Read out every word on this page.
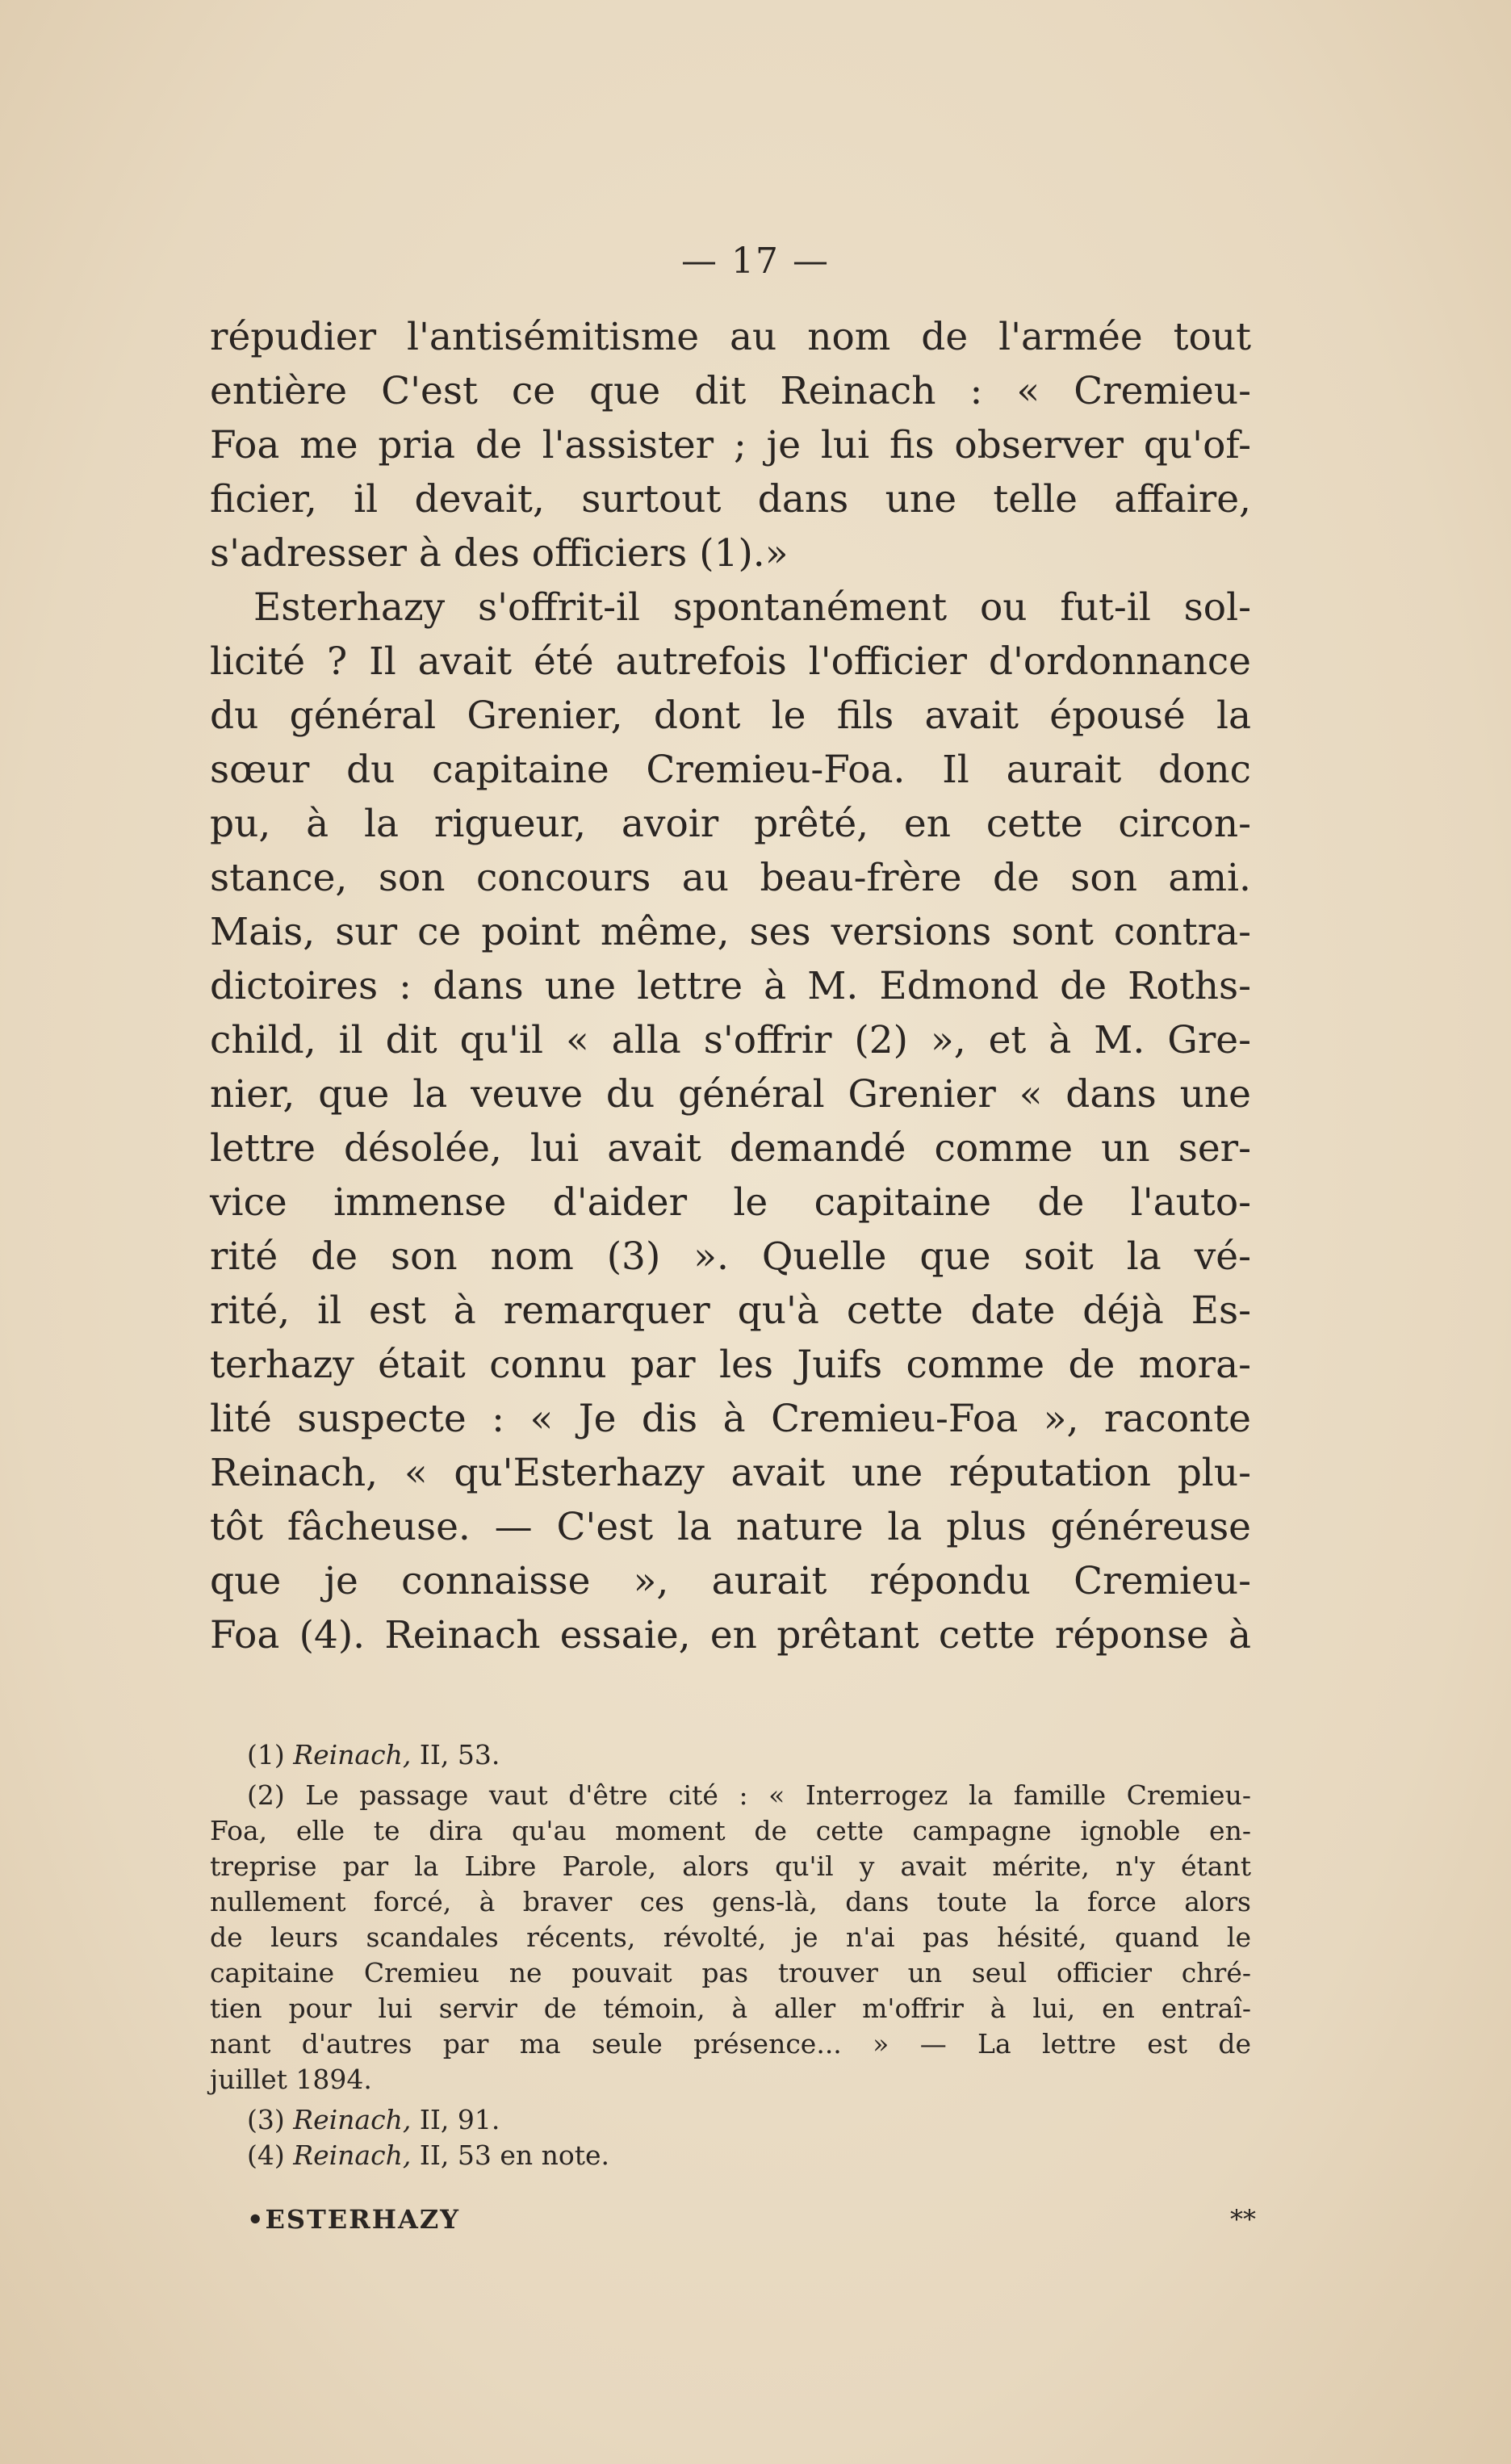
— 17 —
répudier l'antisémitisme au nom de l'armée tout
entière C'est ce que dit Reinach : « Cremieu-
Foa me pria de l'assister ; je lui fis observer qu'of-
ficier, il devait, surtout dans une telle affaire,
s'adresser à des officiers (1).»
Esterhazy s'offrit-il spontanément ou fut-il sol-
licité ? Il avait été autrefois l'officier d'ordonnance
du général Grenier, dont le fils avait épousé la
sœur du capitaine Cremieu-Foa. Il aurait donc
pu, à la rigueur, avoir prêté, en cette circon-
stance, son concours au beau-frère de son ami.
Mais, sur ce point même, ses versions sont contra-
dictoires : dans une lettre à M. Edmond de Roths-
child, il dit qu'il « alla s'offrir (2) », et à M. Gre-
nier, que la veuve du général Grenier « dans une
lettre désolée, lui avait demandé comme un ser-
vice immense d'aider le capitaine de l'auto-
rité de son nom (3) ». Quelle que soit la vé-
rité, il est à remarquer qu'à cette date déjà Es-
terhazy était connu par les Juifs comme de mora-
lité suspecte : « Je dis à Cremieu-Foa », raconte
Reinach, « qu'Esterhazy avait une réputation plu-
tôt fâcheuse. — C'est la nature la plus généreuse
que je connaisse », aurait répondu Cremieu-
Foa (4). Reinach essaie, en prêtant cette réponse à
(1) Reinach, II, 53.
(2) Le passage vaut d'être cité : « Interrogez la famille Cremieu-
Foa, elle te dira qu'au moment de cette campagne ignoble en-
treprise par la Libre Parole, alors qu'il y avait mérite, n'y étant
nullement forcé, à braver ces gens-là, dans toute la force alors
de leurs scandales récents, révolté, je n'ai pas hésité, quand le
capitaine Cremieu ne pouvait pas trouver un seul officier chré-
tien pour lui servir de témoin, à aller m'offrir à lui, en entraî-
nant d'autres par ma seule présence... » — La lettre est de
juillet 1894.
(3) Reinach, II, 91.
(4) Reinach, II, 53 en note.
•ESTERHAZY	**
